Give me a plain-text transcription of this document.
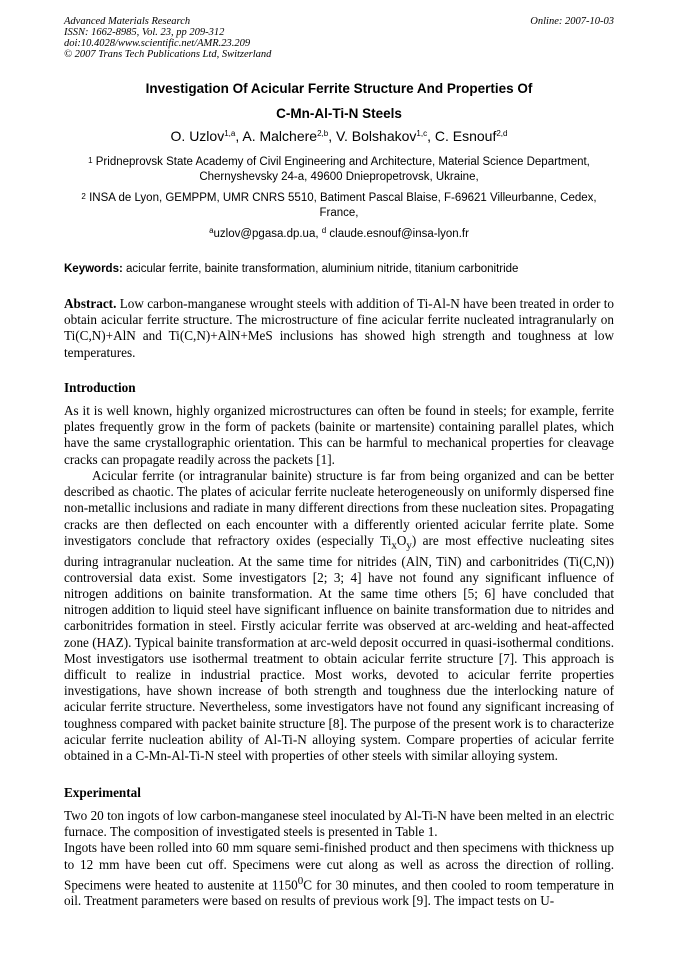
Advanced Materials Research
ISSN: 1662-8985, Vol. 23, pp 209-312
doi:10.4028/www.scientific.net/AMR.23.209
© 2007 Trans Tech Publications Ltd, Switzerland
Online: 2007-10-03
Investigation Of Acicular Ferrite Structure And Properties Of
C-Mn-Al-Ti-N Steels
O. Uzlov$^{1,a}$, A. Malchere$^{2,b}$, V. Bolshakov$^{1,c}$, C. Esnouf$^{2,d}$
$^1$ Pridneprovsk State Academy of Civil Engineering and Architecture, Material Science Department, Chernyshevsky 24-a, 49600 Dniepropetrovsk, Ukraine,
$^2$ INSA de Lyon, GEMPPM, UMR CNRS 5510, Batiment Pascal Blaise, F-69621 Villeurbanne, Cedex, France,
$^a$uzlov@pgasa.dp.ua, $^d$ claude.esnouf@insa-lyon.fr
Keywords: acicular ferrite, bainite transformation, aluminium nitride, titanium carbonitride
Abstract. Low carbon-manganese wrought steels with addition of Ti-Al-N have been treated in order to obtain acicular ferrite structure. The microstructure of fine acicular ferrite nucleated intragranularly on Ti(C,N)+AlN and Ti(C,N)+AlN+MeS inclusions has showed high strength and toughness at low temperatures.
Introduction
As it is well known, highly organized microstructures can often be found in steels; for example, ferrite plates frequently grow in the form of packets (bainite or martensite) containing parallel plates, which have the same crystallographic orientation. This can be harmful to mechanical properties for cleavage cracks can propagate readily across the packets [1].
Acicular ferrite (or intragranular bainite) structure is far from being organized and can be better described as chaotic. The plates of acicular ferrite nucleate heterogeneously on uniformly dispersed fine non-metallic inclusions and radiate in many different directions from these nucleation sites. Propagating cracks are then deflected on each encounter with a differently oriented acicular ferrite plate. Some investigators conclude that refractory oxides (especially $Ti_xO_y$) are most effective nucleating sites during intragranular nucleation. At the same time for nitrides (AlN, TiN) and carbonitrides (Ti(C,N)) controversial data exist. Some investigators [2; 3; 4] have not found any significant influence of nitrogen additions on bainite transformation. At the same time others [5; 6] have concluded that nitrogen addition to liquid steel have significant influence on bainite transformation due to nitrides and carbonitrides formation in steel. Firstly acicular ferrite was observed at arc-welding and heat-affected zone (HAZ). Typical bainite transformation at arc-weld deposit occurred in quasi-isothermal conditions. Most investigators use isothermal treatment to obtain acicular ferrite structure [7]. This approach is difficult to realize in industrial practice. Most works, devoted to acicular ferrite properties investigations, have shown increase of both strength and toughness due the interlocking nature of acicular ferrite structure. Nevertheless, some investigators have not found any significant increasing of toughness compared with packet bainite structure [8]. The purpose of the present work is to characterize acicular ferrite nucleation ability of Al-Ti-N alloying system. Compare properties of acicular ferrite obtained in a C-Mn-Al-Ti-N steel with properties of other steels with similar alloying system.
Experimental

Two 20 ton ingots of low carbon-manganese steel inoculated by Al-Ti-N have been melted in an electric furnace. The composition of investigated steels is presented in Table 1.

Ingots have been rolled into 60 mm square semi-finished product and then specimens with thickness up to 12 mm have been cut off. Specimens were cut along as well as across the direction of rolling. Specimens were heated to austenite at 1150$^0$C for 30 minutes, and then cooled to room temperature in oil. Treatment parameters were based on results of previous work [9]. The impact tests on U-
